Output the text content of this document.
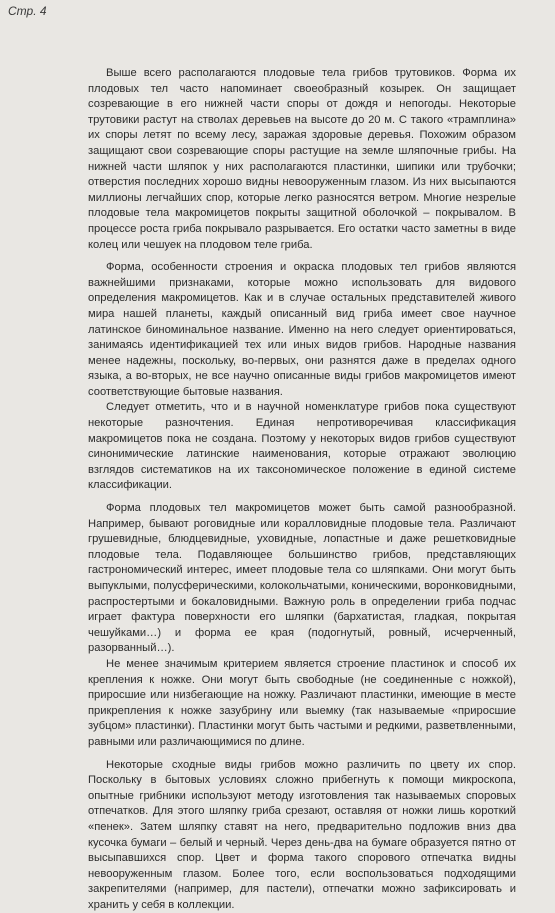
Стр. 4

Выше всего располагаются плодовые тела грибов трутовиков. Форма их плодовых тел часто напоминает своеобразный козырек. Он защищает созревающие в его нижней части споры от дождя и непогоды. Некоторые трутовики растут на стволах деревьев на высоте до 20 м. С такого «трамплина» их споры летят по всему лесу, заражая здоровые деревья. Похожим образом защищают свои созревающие споры растущие на земле шляпочные грибы. На нижней части шляпок у них располагаются пластинки, шипики или трубочки; отверстия последних хорошо видны невооруженным глазом. Из них высыпаются миллионы легчайших спор, которые легко разносятся ветром. Многие незрелые плодовые тела макромицетов покрыты защитной оболочкой – покрывалом. В процессе роста гриба покрывало разрывается. Его остатки часто заметны в виде колец или чешуек на плодовом теле гриба.

Форма, особенности строения и окраска плодовых тел грибов являются важнейшими признаками, которые можно использовать для видового определения макромицетов. Как и в случае остальных представителей живого мира нашей планеты, каждый описанный вид гриба имеет свое научное латинское биноминальное название. Именно на него следует ориентироваться, занимаясь идентификацией тех или иных видов грибов. Народные названия менее надежны, поскольку, во-первых, они разнятся даже в пределах одного языка, а во-вторых, не все научно описанные виды грибов макромицетов имеют соответствующие бытовые названия.

Следует отметить, что и в научной номенклатуре грибов пока существуют некоторые разночтения. Единая непротиворечивая классификация макромицетов пока не создана. Поэтому у некоторых видов грибов существуют синонимические латинские наименования, которые отражают эволюцию взглядов систематиков на их таксономическое положение в единой системе классификации.

Форма плодовых тел макромицетов может быть самой разнообразной. Например, бывают роговидные или коралловидные плодовые тела. Различают грушевидные, блюдцевидные, уховидные, лопастные и даже решетковидные плодовые тела. Подавляющее большинство грибов, представляющих гастрономический интерес, имеет плодовые тела со шляпками. Они могут быть выпуклыми, полусферическими, колокольчатыми, коническими, воронковидными, распростертыми и бокаловидными. Важную роль в определении гриба подчас играет фактура поверхности его шляпки (бархатистая, гладкая, покрытая чешуйками…) и форма ее края (подогнутый, ровный, исчерченный, разорванный…).

Не менее значимым критерием является строение пластинок и способ их крепления к ножке. Они могут быть свободные (не соединенные с ножкой), приросшие или низбегающие на ножку. Различают пластинки, имеющие в месте прикрепления к ножке зазубрину или выемку (так называемые «приросшие зубцом» пластинки). Пластинки могут быть частыми и редкими, разветвленными, равными или различающимися по длине.

Некоторые сходные виды грибов можно различить по цвету их спор. Поскольку в бытовых условиях сложно прибегнуть к помощи микроскопа, опытные грибники используют методу изготовления так называемых споровых отпечатков. Для этого шляпку гриба срезают, оставляя от ножки лишь короткий «пенек». Затем шляпку ставят на него, предварительно подложив вниз два кусочка бумаги – белый и черный. Через день-два на бумаге образуется пятно от высыпавшихся спор. Цвет и форма такого спорового отпечатка видны невооруженным глазом. Более того, если воспользоваться подходящими закрепителями (например, для пастели), отпечатки можно зафиксировать и хранить у себя в коллекции.
